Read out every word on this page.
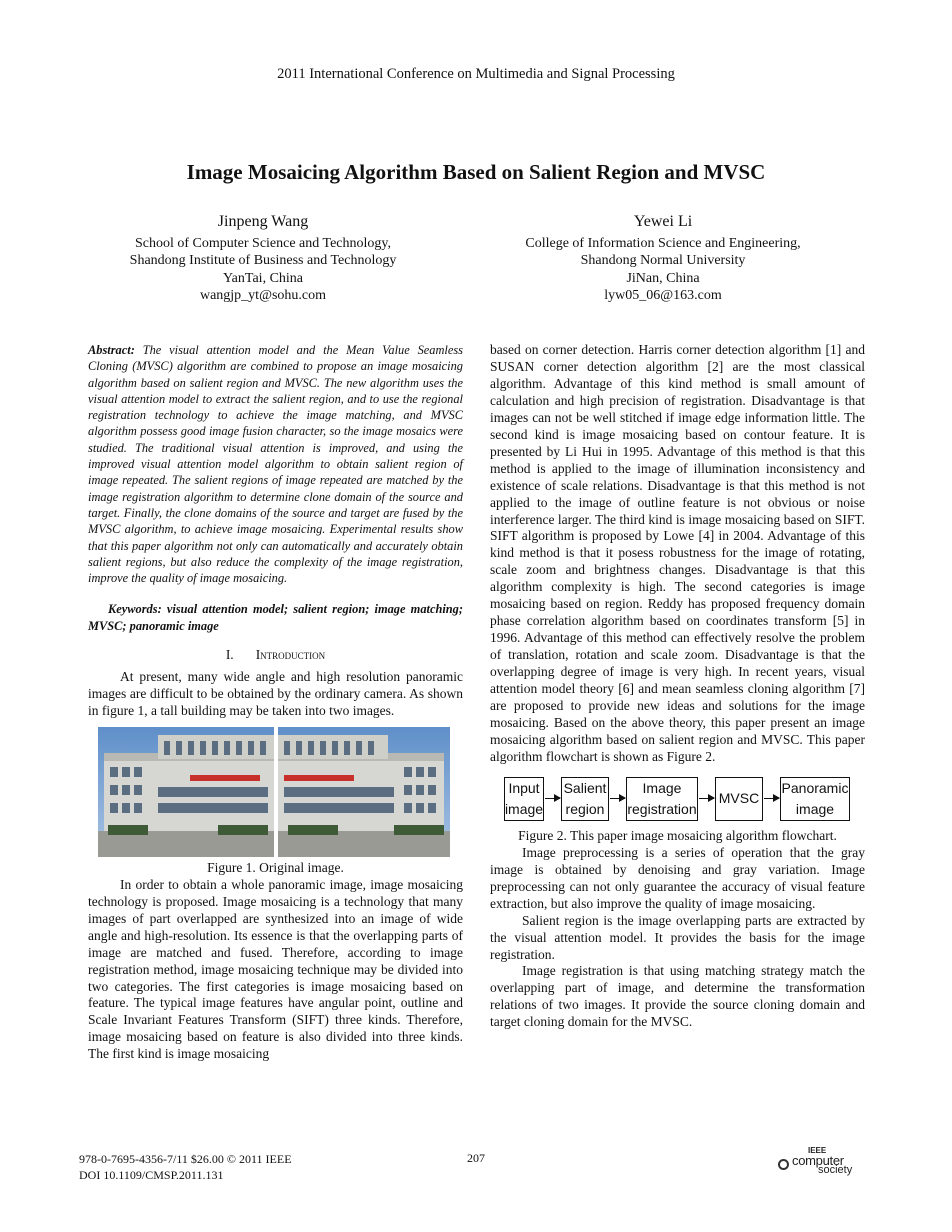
2011 International Conference on Multimedia and Signal Processing
Image Mosaicing Algorithm Based on Salient Region and MVSC
Jinpeng Wang
School of Computer Science and Technology,
Shandong Institute of Business and Technology
YanTai, China
wangjp_yt@sohu.com
Yewei Li
College of Information Science and Engineering,
Shandong Normal University
JiNan, China
lyw05_06@163.com

Abstract: The visual attention model and the Mean Value Seamless Cloning (MVSC) algorithm are combined to propose an image mosaicing algorithm based on salient region and MVSC. The new algorithm uses the visual attention model to extract the salient region, and to use the regional registration technology to achieve the image matching, and MVSC algorithm possess good image fusion character, so the image mosaics were studied. The traditional visual attention is improved, and using the improved visual attention model algorithm to obtain salient region of image repeated. The salient regions of image repeated are matched by the image registration algorithm to determine clone domain of the source and target. Finally, the clone domains of the source and target are fused by the MVSC algorithm, to achieve image mosaicing. Experimental results show that this paper algorithm not only can automatically and accurately obtain salient regions, but also reduce the complexity of the image registration, improve the quality of image mosaicing.

Keywords: visual attention model; salient region; image matching; MVSC; panoramic image

I. Introduction

At present, many wide angle and high resolution panoramic images are difficult to be obtained by the ordinary camera. As shown in figure 1, a tall building may be taken into two images.

Figure 1. Original image.

In order to obtain a whole panoramic image, image mosaicing technology is proposed. Image mosaicing is a technology that many images of part overlapped are synthesized into an image of wide angle and high-resolution. Its essence is that the overlapping parts of image are matched and fused. Therefore, according to image registration method, image mosaicing technique may be divided into two categories. The first categories is image mosaicing based on feature. The typical image features have angular point, outline and Scale Invariant Features Transform (SIFT) three kinds. Therefore, image mosaicing based on feature is also divided into three kinds. The first kind is image mosaicing

based on corner detection. Harris corner detection algorithm [1] and SUSAN corner detection algorithm [2] are the most classical algorithm. Advantage of this kind method is small amount of calculation and high precision of registration. Disadvantage is that images can not be well stitched if image edge information little. The second kind is image mosaicing based on contour feature. It is presented by Li Hui in 1995. Advantage of this method is that this method is applied to the image of illumination inconsistency and existence of scale relations. Disadvantage is that this method is not applied to the image of outline feature is not obvious or noise interference larger. The third kind is image mosaicing based on SIFT. SIFT algorithm is proposed by Lowe [4] in 2004. Advantage of this kind method is that it posess robustness for the image of rotating, scale zoom and brightness changes. Disadvantage is that this algorithm complexity is high. The second categories is image mosaicing based on region. Reddy has proposed frequency domain phase correlation algorithm based on coordinates transform [5] in 1996. Advantage of this method can effectively resolve the problem of translation, rotation and scale zoom. Disadvantage is that the overlapping degree of image is very high. In recent years, visual attention model theory [6] and mean seamless cloning algorithm [7] are proposed to provide new ideas and solutions for the image mosaicing. Based on the above theory, this paper present an image mosaicing algorithm based on salient region and MVSC. This paper algorithm flowchart is shown as Figure 2.

Input
image
Salient
region
Image
registration
MVSC
Panoramic
image

Figure 2. This paper image mosaicing algorithm flowchart.

Image preprocessing is a series of operation that the gray image is obtained by denoising and gray variation. Image preprocessing can not only guarantee the accuracy of visual feature extraction, but also improve the quality of image mosaicing.

Salient region is the image overlapping parts are extracted by the visual attention model. It provides the basis for the image registration.

Image registration is that using matching strategy match the overlapping part of image, and determine the transformation relations of two images. It provide the source cloning domain and target cloning domain for the MVSC.

978-0-7695-4356-7/11 $26.00 © 2011 IEEE
DOI 10.1109/CMSP.2011.131
207
IEEE
computer
society
